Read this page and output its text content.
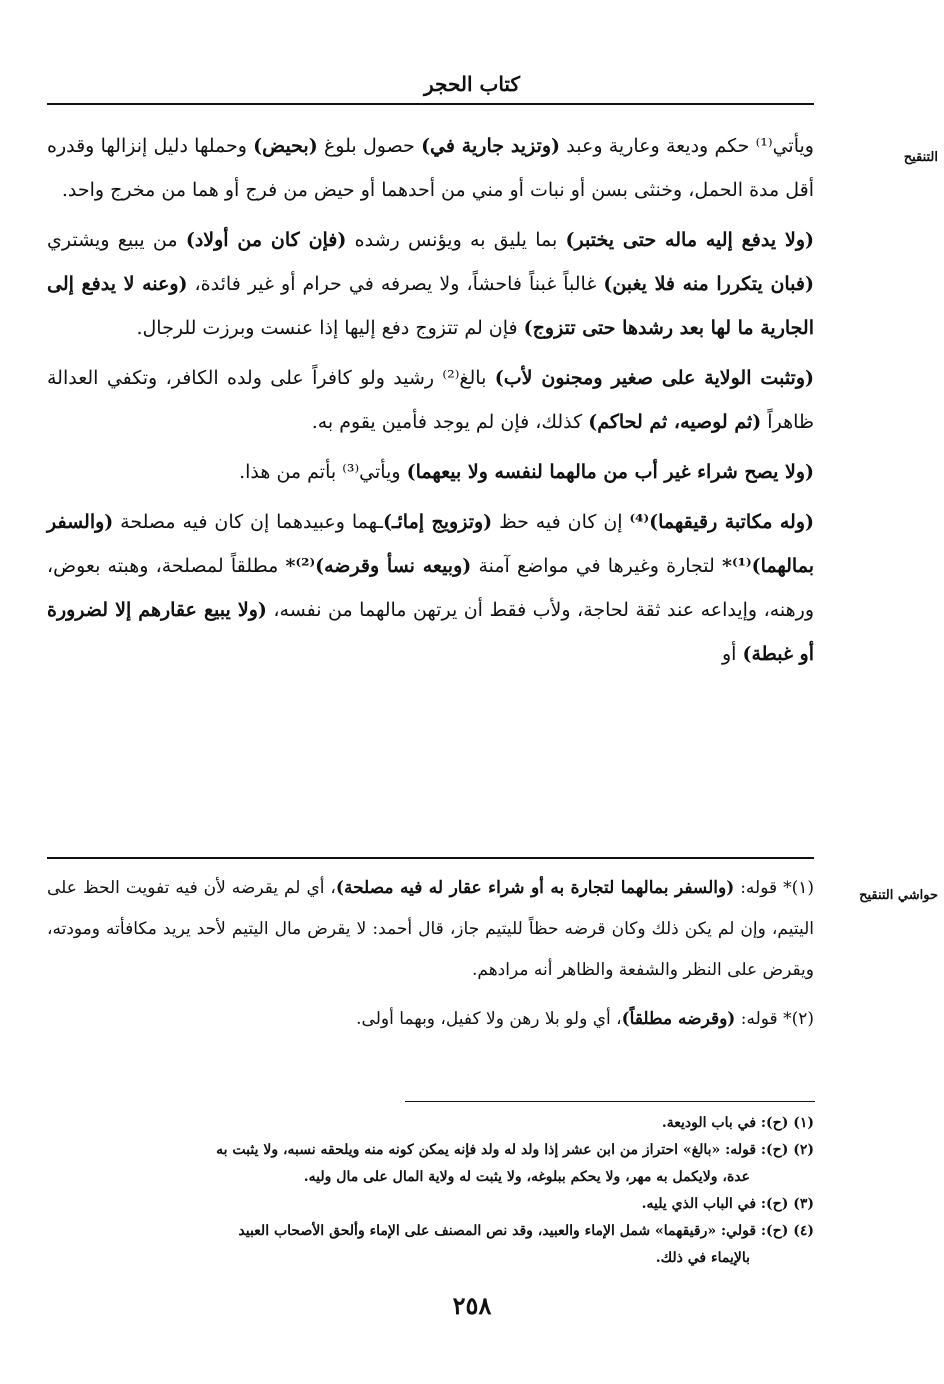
كتاب الحجر
التنقيح

ويأتي⁽¹⁾ حكم وديعة وعارية وعبد (وتزيد جارية في) حصول بلوغ (بحيض) وحملها دليل إنزالها وقدره أقل مدة الحمل، وخنثى بسن أو نبات أو مني من أحدهما أو حيض من فرج أو هما من مخرج واحد.

(ولا يدفع إليه ماله حتى يختبر) بما يليق به ويؤنس رشده (فإن كان من أولاد) من يبيع ويشتري (فبان يتكررا منه فلا يغبن) غالباً غبناً فاحشاً، ولا يصرفه في حرام أو غير فائدة، (وعنه لا يدفع إلى الجارية ما لها بعد رشدها حتى تتزوج) فإن لم تتزوج دفع إليها إذا عنست وبرزت للرجال.

(وتثبت الولاية على صغير ومجنون لأب) بالغ⁽²⁾ رشيد ولو كافراً على ولده الكافر، وتكفي العدالة ظاهراً (ثم لوصيه، ثم لحاكم) كذلك، فإن لم يوجد فأمين يقوم به.

(ولا يصح شراء غير أب من مالهما لنفسه ولا بيعهما) ويأتي⁽³⁾ بأتم من هذا.

(وله مكاتبة رقيقهما)⁽⁴⁾ إن كان فيه حظ (وتزويج إمائـ)ـهما وعبيدهما إن كان فيه مصلحة (والسفر بمالهما)⁽¹⁾* لتجارة وغيرها في مواضع آمنة (وبيعه نسأ وقرضه)⁽²⁾* مطلقاً لمصلحة، وهبته بعوض، ورهنه، وإيداعه عند ثقة لحاجة، ولأب فقط أن يرتهن مالهما من نفسه، (ولا يبيع عقارهم إلا لضرورة أو غبطة) أو

حواشي التنقيح

(١)* قوله: (والسفر بمالهما لتجارة به أو شراء عقار له فيه مصلحة)، أي لم يقرضه لأن فيه تفويت الحظ على اليتيم، وإن لم يكن ذلك وكان قرضه حظاً لليتيم جاز، قال أحمد: لا يقرض مال اليتيم لأحد يريد مكافأته ومودته، ويقرض على النظر والشفعة والظاهر أنه مرادهم.

(٢)* قوله: (وقرضه مطلقاً)، أي ولو بلا رهن ولا كفيل، وبهما أولى.

(١) (ح): في باب الوديعة.

(٢) (ح): قوله: «بالغ» احتراز من ابن عشر إذا ولد له ولد فإنه يمكن كونه منه ويلحقه نسبه، ولا يثبت به

عدة، ولايكمل به مهر، ولا يحكم ببلوغه، ولا يثبت له ولاية المال على مال وليه.

(٣) (ح): في الباب الذي يليه.

(٤) (ح): قولي: «رقيقهما» شمل الإماء والعبيد، وقد نص المصنف على الإماء وألحق الأصحاب العبيد

بالإيماء في ذلك.

٢٥٨
